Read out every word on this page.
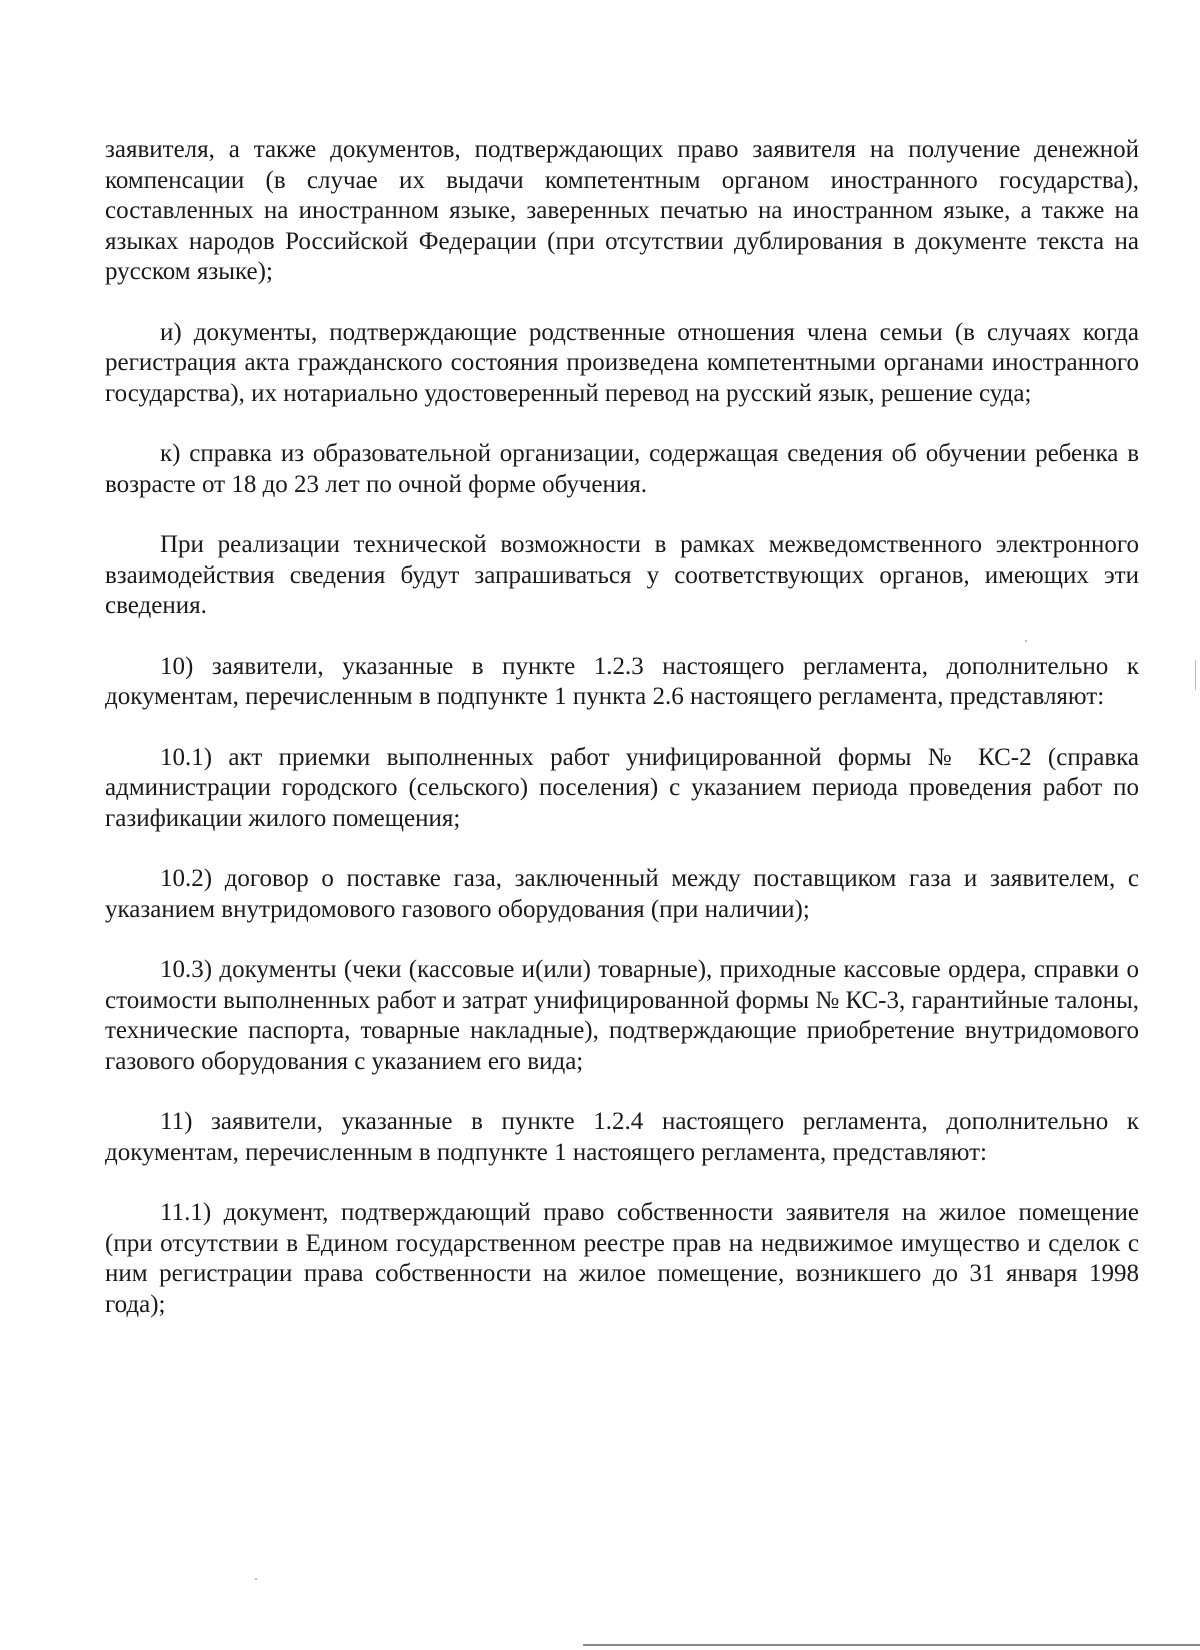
заявителя, а также документов, подтверждающих право заявителя на получение денежной компенсации (в случае их выдачи компетентным органом иностранного государства), составленных на иностранном языке, заверенных печатью на иностранном языке, а также на языках народов Российской Федерации (при отсутствии дублирования в документе текста на русском языке);

и) документы, подтверждающие родственные отношения члена семьи (в случаях когда регистрация акта гражданского состояния произведена компетентными органами иностранного государства), их нотариально удостоверенный перевод на русский язык, решение суда;

к) справка из образовательной организации, содержащая сведения об обучении ребенка в возрасте от 18 до 23 лет по очной форме обучения.

При реализации технической возможности в рамках межведомственного электронного взаимодействия сведения будут запрашиваться у соответствующих органов, имеющих эти сведения.

10) заявители, указанные в пункте 1.2.3 настоящего регламента, дополнительно к документам, перечисленным в подпункте 1 пункта 2.6 настоящего регламента, представляют:

10.1) акт приемки выполненных работ унифицированной формы № КС-2 (справка администрации городского (сельского) поселения) с указанием периода проведения работ по газификации жилого помещения;

10.2) договор о поставке газа, заключенный между поставщиком газа и заявителем, с указанием внутридомового газового оборудования (при наличии);

10.3) документы (чеки (кассовые и(или) товарные), приходные кассовые ордера, справки о стоимости выполненных работ и затрат унифицированной формы № КС-3, гарантийные талоны, технические паспорта, товарные накладные), подтверждающие приобретение внутридомового газового оборудования с указанием его вида;

11) заявители, указанные в пункте 1.2.4 настоящего регламента, дополнительно к документам, перечисленным в подпункте 1 настоящего регламента, представляют:

11.1) документ, подтверждающий право собственности заявителя на жилое помещение (при отсутствии в Едином государственном реестре прав на недвижимое имущество и сделок с ним регистрации права собственности на жилое помещение, возникшего до 31 января 1998 года);
